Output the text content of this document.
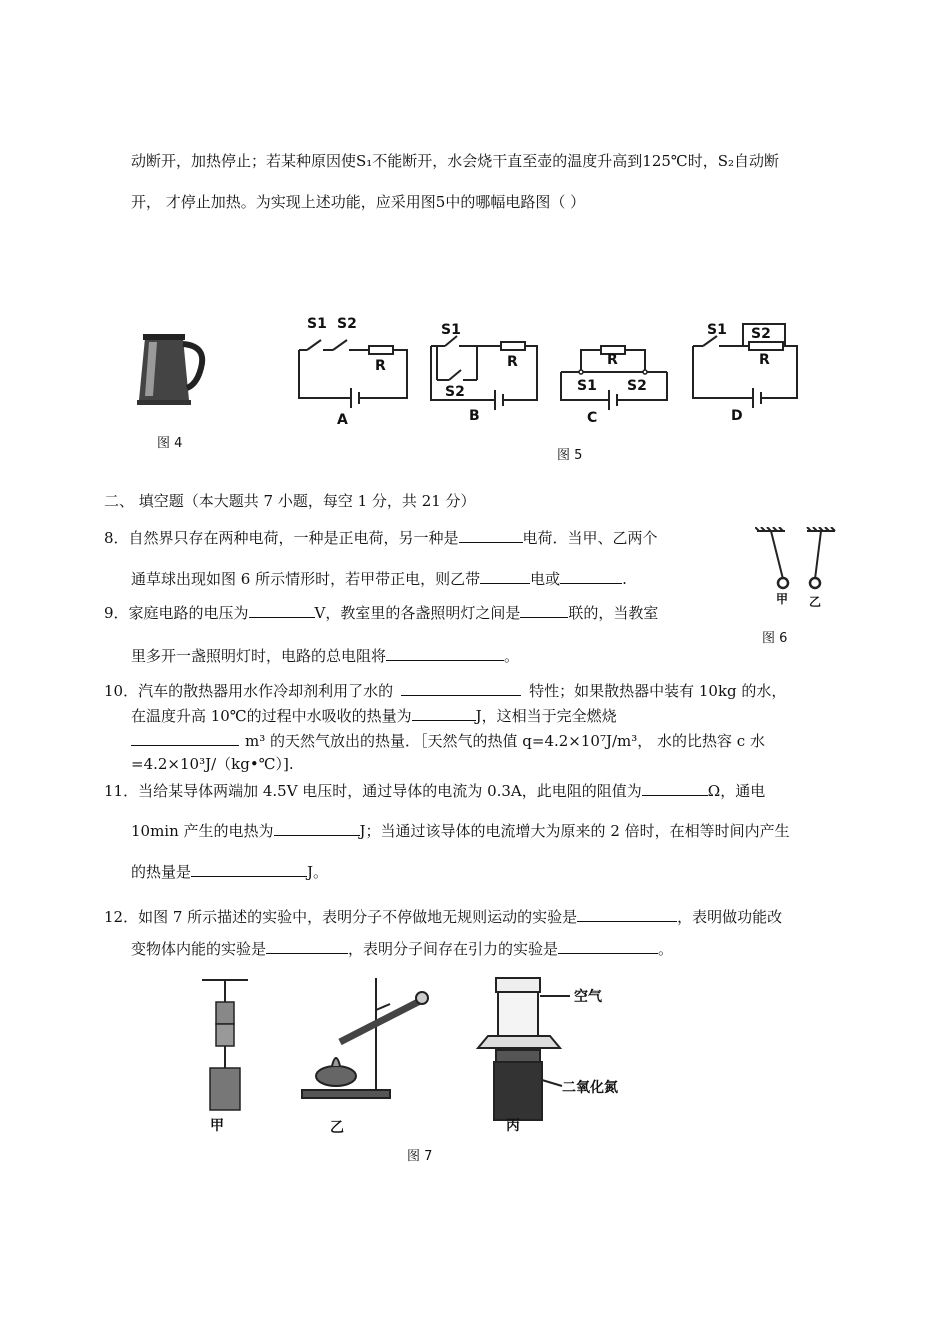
动断开，加热停止；若某种原因使S₁不能断开，水会烧干直至壶的温度升高到125℃时，S₂自动断
开， 才停止加热。为实现上述功能，应采用图5中的哪幅电路图（ ）
图 4
S1 S2
R
A
S1
S2
R
B
S1 S2
R
C
S1 S2
R
D
图 5
二、 填空题（本大题共 7 小题，每空 1 分，共 21 分）
8．自然界只存在两种电荷，一种是正电荷，另一种是	电荷．当甲、乙两个
通草球出现如图 6 所示情形时，若甲带正电，则乙带	电或	.
甲 乙
图 6
9．家庭电路的电压为	V，教室里的各盏照明灯之间是	联的，当教室
里多开一盏照明灯时，电路的总电阻将	。
10．汽车的散热器用水作冷却剂利用了水的	特性；如果散热器中装有 10kg 的水，
在温度升高 10℃的过程中水吸收的热量为	J，这相当于完全燃烧
m³ 的天然气放出的热量．［天然气的热值 q=4.2×10⁷J/m³， 水的比热容 c 水
=4.2×10³J/（kg•℃）].
11．当给某导体两端加 4.5V 电压时，通过导体的电流为 0.3A，此电阻的阻值为	Ω，通电
10min 产生的电热为	J；当通过该导体的电流增大为原来的 2 倍时，在相等时间内产生
的热量是	J。
12．如图 7 所示描述的实验中，表明分子不停做地无规则运动的实验是	，表明做功能改
变物体内能的实验是	，表明分子间存在引力的实验是	。
空气
二氧化氮
甲	乙	丙
图 7
